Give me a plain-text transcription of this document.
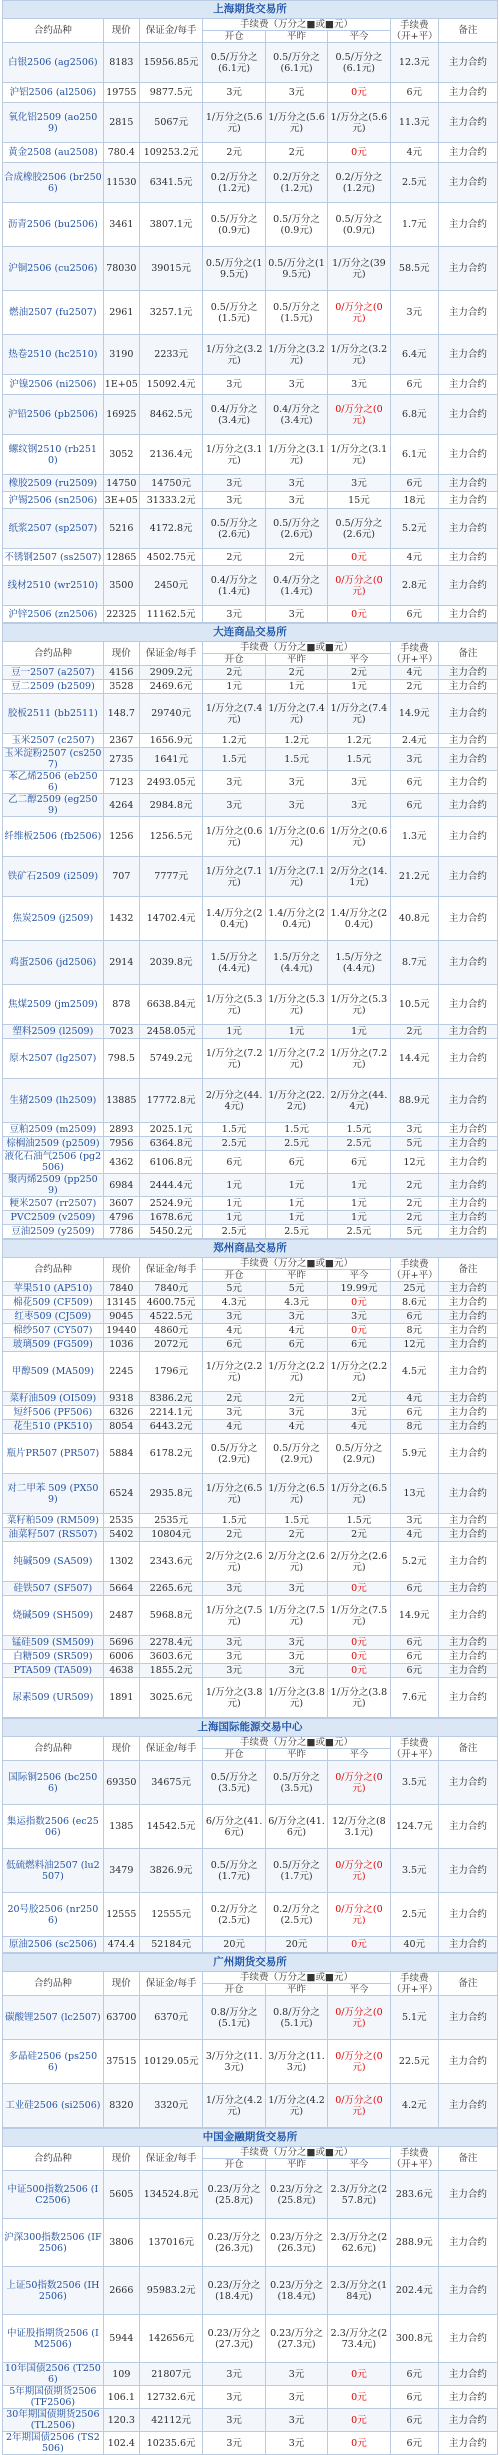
上海期货交易所							
合约品种	现价	保证金/每手	手续费（万分之■或■元）			手续费（开+平）	备注
			开仓	平昨	平今		
白银2506 (ag2506)	8183	15956.85元	0.5/万分之(6.1元)	0.5/万分之(6.1元)	0.5/万分之(6.1元)	12.3元	主力合约
沪铝2506 (al2506)	19755	9877.5元	3元	3元	0元	6元	主力合约
氧化铝2509 (ao2509)	2815	5067元	1/万分之(5.6元)	1/万分之(5.6元)	1/万分之(5.6元)	11.3元	主力合约
黄金2508 (au2508)	780.4	109253.2元	2元	2元	0元	4元	主力合约
合成橡胶2506 (br2506)	11530	6341.5元	0.2/万分之(1.2元)	0.2/万分之(1.2元)	0.2/万分之(1.2元)	2.5元	主力合约
沥青2506 (bu2506)	3461	3807.1元	0.5/万分之(0.9元)	0.5/万分之(0.9元)	0.5/万分之(0.9元)	1.7元	主力合约
沪铜2506 (cu2506)	78030	39015元	0.5/万分之(19.5元)	0.5/万分之(19.5元)	1/万分之(39元)	58.5元	主力合约
燃油2507 (fu2507)	2961	3257.1元	0.5/万分之(1.5元)	0.5/万分之(1.5元)	0/万分之(0元)	3元	主力合约
热卷2510 (hc2510)	3190	2233元	1/万分之(3.2元)	1/万分之(3.2元)	1/万分之(3.2元)	6.4元	主力合约
沪镍2506 (ni2506)	1E+05	15092.4元	3元	3元	3元	6元	主力合约
沪铅2506 (pb2506)	16925	8462.5元	0.4/万分之(3.4元)	0.4/万分之(3.4元)	0/万分之(0元)	6.8元	主力合约
螺纹钢2510 (rb2510)	3052	2136.4元	1/万分之(3.1元)	1/万分之(3.1元)	1/万分之(3.1元)	6.1元	主力合约
橡胶2509 (ru2509)	14750	14750元	3元	3元	3元	6元	主力合约
沪锡2506 (sn2506)	3E+05	31333.2元	3元	3元	15元	18元	主力合约
纸浆2507 (sp2507)	5216	4172.8元	0.5/万分之(2.6元)	0.5/万分之(2.6元)	0.5/万分之(2.6元)	5.2元	主力合约
不锈钢2507 (ss2507)	12865	4502.75元	2元	2元	0元	4元	主力合约
线材2510 (wr2510)	3500	2450元	0.4/万分之(1.4元)	0.4/万分之(1.4元)	0/万分之(0元)	2.8元	主力合约
沪锌2506 (zn2506)	22325	11162.5元	3元	3元	0元	6元	主力合约
大连商品交易所							
合约品种	现价	保证金/每手	手续费（万分之■或■元）			手续费（开+平）	备注
			开仓	平昨	平今		
豆一2507 (a2507)	4156	2909.2元	2元	2元	2元	4元	主力合约
豆二2509 (b2509)	3528	2469.6元	1元	1元	1元	2元	主力合约
胶板2511 (bb2511)	148.7	29740元	1/万分之(7.4元)	1/万分之(7.4元)	1/万分之(7.4元)	14.9元	主力合约
玉米2507 (c2507)	2367	1656.9元	1.2元	1.2元	1.2元	2.4元	主力合约
玉米淀粉2507 (cs2507)	2735	1641元	1.5元	1.5元	1.5元	3元	主力合约
苯乙烯2506 (eb2506)	7123	2493.05元	3元	3元	3元	6元	主力合约
乙二醇2509 (eg2509)	4264	2984.8元	3元	3元	3元	6元	主力合约
纤维板2506 (fb2506)	1256	1256.5元	1/万分之(0.6元)	1/万分之(0.6元)	1/万分之(0.6元)	1.3元	主力合约
铁矿石2509 (i2509)	707	7777元	1/万分之(7.1元)	1/万分之(7.1元)	2/万分之(14.1元)	21.2元	主力合约
焦炭2509 (j2509)	1432	14702.4元	1.4/万分之(20.4元)	1.4/万分之(20.4元)	1.4/万分之(20.4元)	40.8元	主力合约
鸡蛋2506 (jd2506)	2914	2039.8元	1.5/万分之(4.4元)	1.5/万分之(4.4元)	1.5/万分之(4.4元)	8.7元	主力合约
焦煤2509 (jm2509)	878	6638.84元	1/万分之(5.3元)	1/万分之(5.3元)	1/万分之(5.3元)	10.5元	主力合约
塑料2509 (l2509)	7023	2458.05元	1元	1元	1元	2元	主力合约
原木2507 (lg2507)	798.5	5749.2元	1/万分之(7.2元)	1/万分之(7.2元)	1/万分之(7.2元)	14.4元	主力合约
生猪2509 (lh2509)	13885	17772.8元	2/万分之(44.4元)	1/万分之(22.2元)	2/万分之(44.4元)	88.9元	主力合约
豆粕2509 (m2509)	2893	2025.1元	1.5元	1.5元	1.5元	3元	主力合约
棕榈油2509 (p2509)	7956	6364.8元	2.5元	2.5元	2.5元	5元	主力合约
液化石油气2506 (pg2506)	4362	6106.8元	6元	6元	6元	12元	主力合约
聚丙烯2509 (pp2509)	6984	2444.4元	1元	1元	1元	2元	主力合约
粳米2507 (rr2507)	3607	2524.9元	1元	1元	1元	2元	主力合约
PVC2509 (v2509)	4796	1678.6元	1元	1元	1元	2元	主力合约
豆油2509 (y2509)	7786	5450.2元	2.5元	2.5元	2.5元	5元	主力合约
郑州商品交易所							
合约品种	现价	保证金/每手	手续费（万分之■或■元）			手续费（开+平）	备注
			开仓	平昨	平今		
苹果510 (AP510)	7840	7840元	5元	5元	19.99元	25元	主力合约
棉花509 (CF509)	13145	4600.75元	4.3元	4.3元	0元	8.6元	主力合约
红枣509 (CJ509)	9045	4522.5元	3元	3元	3元	6元	主力合约
棉纱507 (CY507)	19440	4860元	4元	4元	0元	8元	主力合约
玻璃509 (FG509)	1036	2072元	6元	6元	6元	12元	主力合约
甲醇509 (MA509)	2245	1796元	1/万分之(2.2元)	1/万分之(2.2元)	1/万分之(2.2元)	4.5元	主力合约
菜籽油509 (OI509)	9318	8386.2元	2元	2元	2元	4元	主力合约
短纤506 (PF506)	6326	2214.1元	3元	3元	3元	6元	主力合约
花生510 (PK510)	8054	6443.2元	4元	4元	4元	8元	主力合约
瓶片PR507 (PR507)	5884	6178.2元	0.5/万分之(2.9元)	0.5/万分之(2.9元)	0.5/万分之(2.9元)	5.9元	主力合约
对二甲苯 509 (PX509)	6524	2935.8元	1/万分之(6.5元)	1/万分之(6.5元)	1/万分之(6.5元)	13元	主力合约
菜籽粕509 (RM509)	2535	2535元	1.5元	1.5元	1.5元	3元	主力合约
油菜籽507 (RS507)	5402	10804元	2元	2元	2元	4元	主力合约
纯碱509 (SA509)	1302	2343.6元	2/万分之(2.6元)	2/万分之(2.6元)	2/万分之(2.6元)	5.2元	主力合约
硅铁507 (SF507)	5664	2265.6元	3元	3元	0元	6元	主力合约
烧碱509 (SH509)	2487	5968.8元	1/万分之(7.5元)	1/万分之(7.5元)	1/万分之(7.5元)	14.9元	主力合约
锰硅509 (SM509)	5696	2278.4元	3元	3元	0元	6元	主力合约
白糖509 (SR509)	6006	3603.6元	3元	3元	0元	6元	主力合约
PTA509 (TA509)	4638	1855.2元	3元	3元	0元	6元	主力合约
尿素509 (UR509)	1891	3025.6元	1/万分之(3.8元)	1/万分之(3.8元)	1/万分之(3.8元)	7.6元	主力合约
上海国际能源交易中心							
合约品种	现价	保证金/每手	手续费（万分之■或■元）			手续费（开+平）	备注
			开仓	平昨	平今		
国际铜2506 (bc2506)	69350	34675元	0.5/万分之(3.5元)	0.5/万分之(3.5元)	0/万分之(0元)	3.5元	主力合约
集运指数2506 (ec2506)	1385	14542.5元	6/万分之(41.6元)	6/万分之(41.6元)	12/万分之(83.1元)	124.7元	主力合约
低硫燃料油2507 (lu2507)	3479	3826.9元	0.5/万分之(1.7元)	0.5/万分之(1.7元)	0/万分之(0元)	3.5元	主力合约
20号胶2506 (nr2506)	12555	12555元	0.2/万分之(2.5元)	0.2/万分之(2.5元)	0/万分之(0元)	2.5元	主力合约
原油2506 (sc2506)	474.4	52184元	20元	20元	0元	40元	主力合约
广州期货交易所							
合约品种	现价	保证金/每手	手续费（万分之■或■元）			手续费（开+平）	备注
			开仓	平昨	平今		
碳酸锂2507 (lc2507)	63700	6370元	0.8/万分之(5.1元)	0.8/万分之(5.1元)	0/万分之(0元)	5.1元	主力合约
多晶硅2506 (ps2506)	37515	10129.05元	3/万分之(11.3元)	3/万分之(11.3元)	0/万分之(0元)	22.5元	主力合约
工业硅2506 (si2506)	8320	3320元	1/万分之(4.2元)	1/万分之(4.2元)	0/万分之(0元)	4.2元	主力合约
中国金融期货交易所							
合约品种	现价	保证金/每手	手续费（万分之■或■元）			手续费（开+平）	备注
			开仓	平昨	平今		
中证500指数2506 (IC2506)	5605	134524.8元	0.23/万分之(25.8元)	0.23/万分之(25.8元)	2.3/万分之(257.8元)	283.6元	主力合约
沪深300指数2506 (IF2506)	3806	137016元	0.23/万分之(26.3元)	0.23/万分之(26.3元)	2.3/万分之(262.6元)	288.9元	主力合约
上证50指数2506 (IH2506)	2666	95983.2元	0.23/万分之(18.4元)	0.23/万分之(18.4元)	2.3/万分之(184元)	202.4元	主力合约
中证股指期货2506 (IM2506)	5944	142656元	0.23/万分之(27.3元)	0.23/万分之(27.3元)	2.3/万分之(273.4元)	300.8元	主力合约
10年国债2506 (T2506)	109	21807元	3元	3元	0元	6元	主力合约
5年期国债期货2506 (TF2506)	106.1	12732.6元	3元	3元	0元	6元	主力合约
30年期国债期货2506 (TL2506)	120.3	42112元	3元	3元	0元	6元	主力合约
2年期国债2506 (TS2506)	102.4	10235.6元	3元	3元	0元	6元	主力合约
